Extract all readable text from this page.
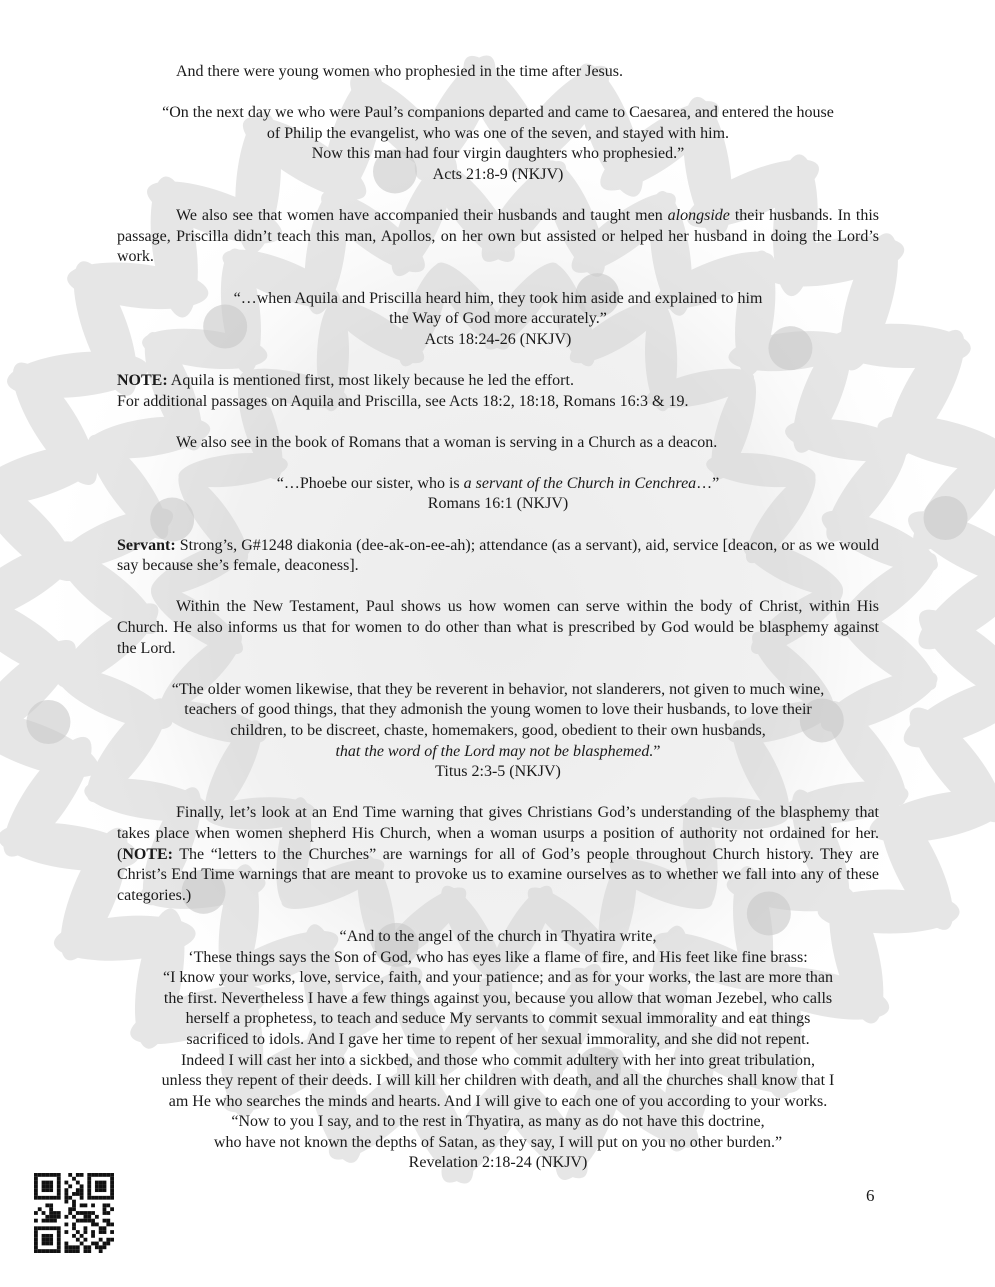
And there were young women who prophesied in the time after Jesus.
“On the next day we who were Paul’s companions departed and came to Caesarea, and entered the house
of Philip the evangelist, who was one of the seven, and stayed with him.
Now this man had four virgin daughters who prophesied.”
Acts 21:8-9 (NKJV)
We also see that women have accompanied their husbands and taught men alongside their husbands. In this passage, Priscilla didn’t teach this man, Apollos, on her own but assisted or helped her husband in doing the Lord’s work.
“…when Aquila and Priscilla heard him, they took him aside and explained to him
the Way of God more accurately.”
Acts 18:24-26 (NKJV)
NOTE: Aquila is mentioned first, most likely because he led the effort.
For additional passages on Aquila and Priscilla, see Acts 18:2, 18:18, Romans 16:3 & 19.
We also see in the book of Romans that a woman is serving in a Church as a deacon.
“…Phoebe our sister, who is a servant of the Church in Cenchrea…”
Romans 16:1 (NKJV)
Servant: Strong’s, G#1248 diakonia (dee-ak-on-ee-ah); attendance (as a servant), aid, service [deacon, or as we would say because she’s female, deaconess].
Within the New Testament, Paul shows us how women can serve within the body of Christ, within His Church. He also informs us that for women to do other than what is prescribed by God would be blasphemy against the Lord.
“The older women likewise, that they be reverent in behavior, not slanderers, not given to much wine,
teachers of good things, that they admonish the young women to love their husbands, to love their
children, to be discreet, chaste, homemakers, good, obedient to their own husbands,
that the word of the Lord may not be blasphemed.”
Titus 2:3-5 (NKJV)
Finally, let’s look at an End Time warning that gives Christians God’s understanding of the blasphemy that takes place when women shepherd His Church, when a woman usurps a position of authority not ordained for her. (NOTE: The “letters to the Churches” are warnings for all of God’s people throughout Church history. They are Christ’s End Time warnings that are meant to provoke us to examine ourselves as to whether we fall into any of these categories.)
“And to the angel of the church in Thyatira write,
‘These things says the Son of God, who has eyes like a flame of fire, and His feet like fine brass:
“I know your works, love, service, faith, and your patience; and as for your works, the last are more than
the first. Nevertheless I have a few things against you, because you allow that woman Jezebel, who calls
herself a prophetess, to teach and seduce My servants to commit sexual immorality and eat things
sacrificed to idols. And I gave her time to repent of her sexual immorality, and she did not repent.
Indeed I will cast her into a sickbed, and those who commit adultery with her into great tribulation,
unless they repent of their deeds. I will kill her children with death, and all the churches shall know that I
am He who searches the minds and hearts. And I will give to each one of you according to your works.
“Now to you I say, and to the rest in Thyatira, as many as do not have this doctrine,
who have not known the depths of Satan, as they say, I will put on you no other burden.”
Revelation 2:18-24 (NKJV)
6
